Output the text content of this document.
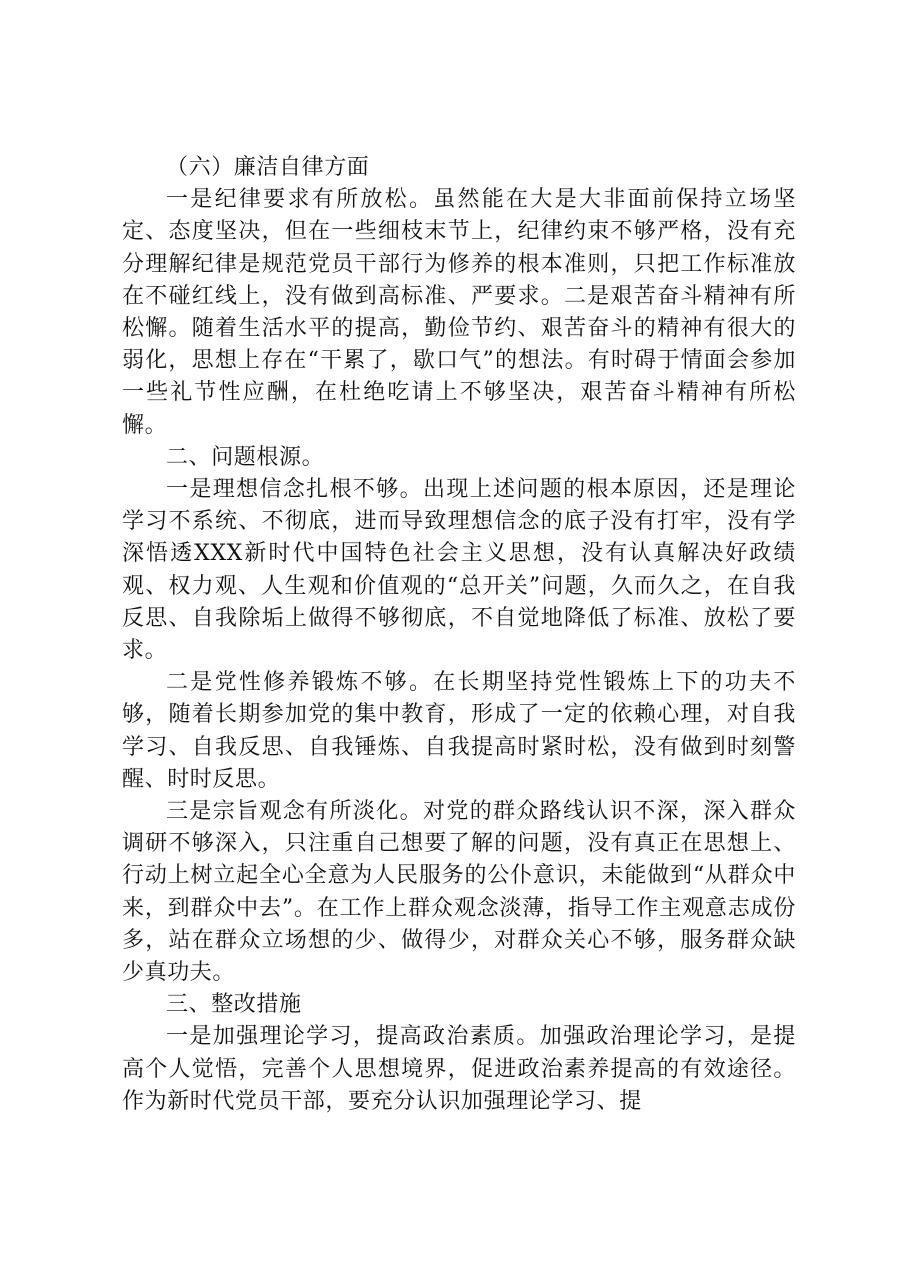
（六）廉洁自律方面

一是纪律要求有所放松。虽然能在大是大非面前保持立场坚定、态度坚决，但在一些细枝末节上，纪律约束不够严格，没有充分理解纪律是规范党员干部行为修养的根本准则，只把工作标准放在不碰红线上，没有做到高标准、严要求。二是艰苦奋斗精神有所松懈。随着生活水平的提高，勤俭节约、艰苦奋斗的精神有很大的弱化，思想上存在“干累了，歇口气”的想法。有时碍于情面会参加一些礼节性应酬，在杜绝吃请上不够坚决，艰苦奋斗精神有所松懈。

二、问题根源。

一是理想信念扎根不够。出现上述问题的根本原因，还是理论学习不系统、不彻底，进而导致理想信念的底子没有打牢，没有学深悟透XXX新时代中国特色社会主义思想，没有认真解决好政绩观、权力观、人生观和价值观的“总开关”问题，久而久之，在自我反思、自我除垢上做得不够彻底，不自觉地降低了标准、放松了要求。

二是党性修养锻炼不够。在长期坚持党性锻炼上下的功夫不够，随着长期参加党的集中教育，形成了一定的依赖心理，对自我学习、自我反思、自我锤炼、自我提高时紧时松，没有做到时刻警醒、时时反思。

三是宗旨观念有所淡化。对党的群众路线认识不深，深入群众调研不够深入，只注重自己想要了解的问题，没有真正在思想上、行动上树立起全心全意为人民服务的公仆意识，未能做到“从群众中来，到群众中去”。在工作上群众观念淡薄，指导工作主观意志成份多，站在群众立场想的少、做得少，对群众关心不够，服务群众缺少真功夫。

三、整改措施

一是加强理论学习，提高政治素质。加强政治理论学习，是提高个人觉悟，完善个人思想境界，促进政治素养提高的有效途径。作为新时代党员干部，要充分认识加强理论学习、提
